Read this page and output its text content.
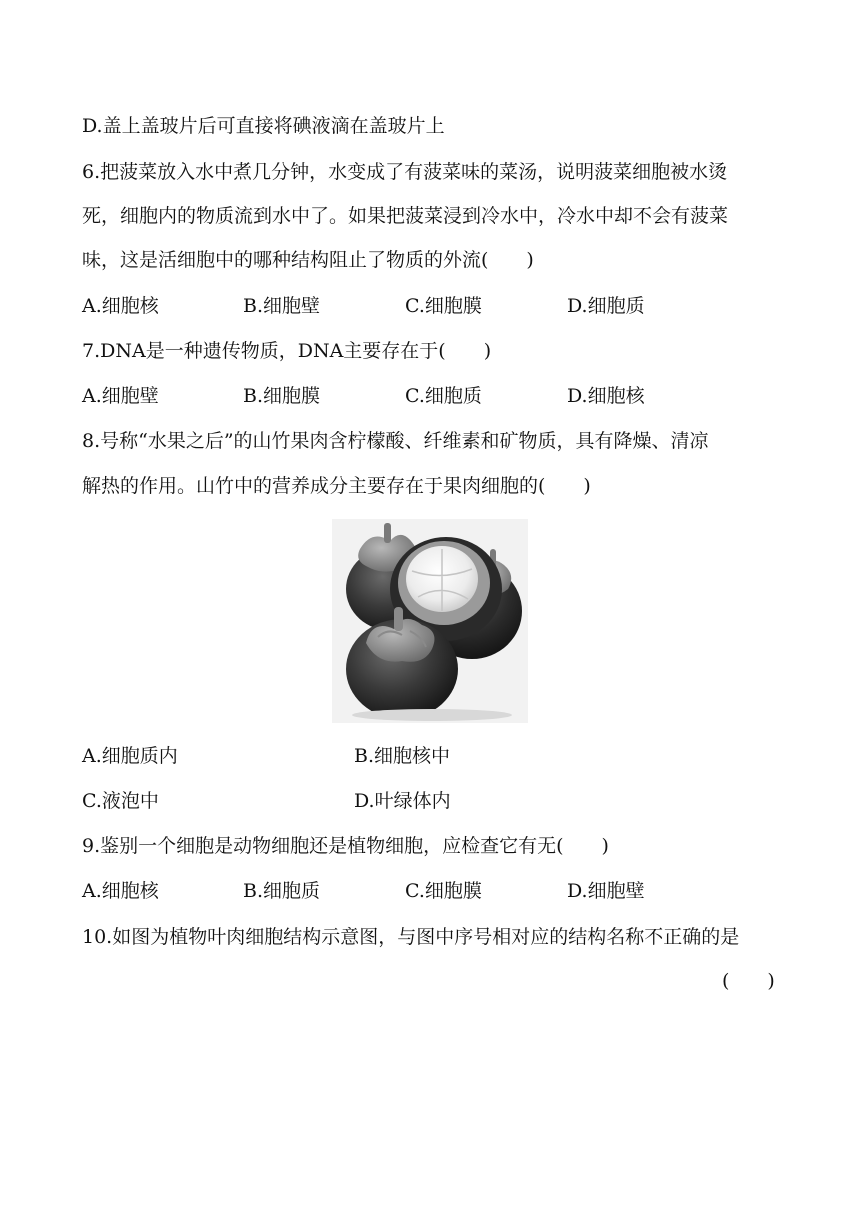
D.盖上盖玻片后可直接将碘液滴在盖玻片上
6.把菠菜放入水中煮几分钟，水变成了有菠菜味的菜汤，说明菠菜细胞被水烫
死，细胞内的物质流到水中了。如果把菠菜浸到冷水中，冷水中却不会有菠菜
味，这是活细胞中的哪种结构阻止了物质的外流(　　)
A.细胞核	B.细胞壁	C.细胞膜	D.细胞质
7.DNA是一种遗传物质，DNA主要存在于(　　)
A.细胞壁	B.细胞膜	C.细胞质	D.细胞核
8.号称“水果之后”的山竹果肉含柠檬酸、纤维素和矿物质，具有降燥、清凉
解热的作用。山竹中的营养成分主要存在于果肉细胞的(　　)
A.细胞质内	B.细胞核中
C.液泡中	D.叶绿体内
9.鉴别一个细胞是动物细胞还是植物细胞，应检查它有无(　　)
A.细胞核	B.细胞质	C.细胞膜	D.细胞壁
10.如图为植物叶肉细胞结构示意图，与图中序号相对应的结构名称不正确的是
(　　)
